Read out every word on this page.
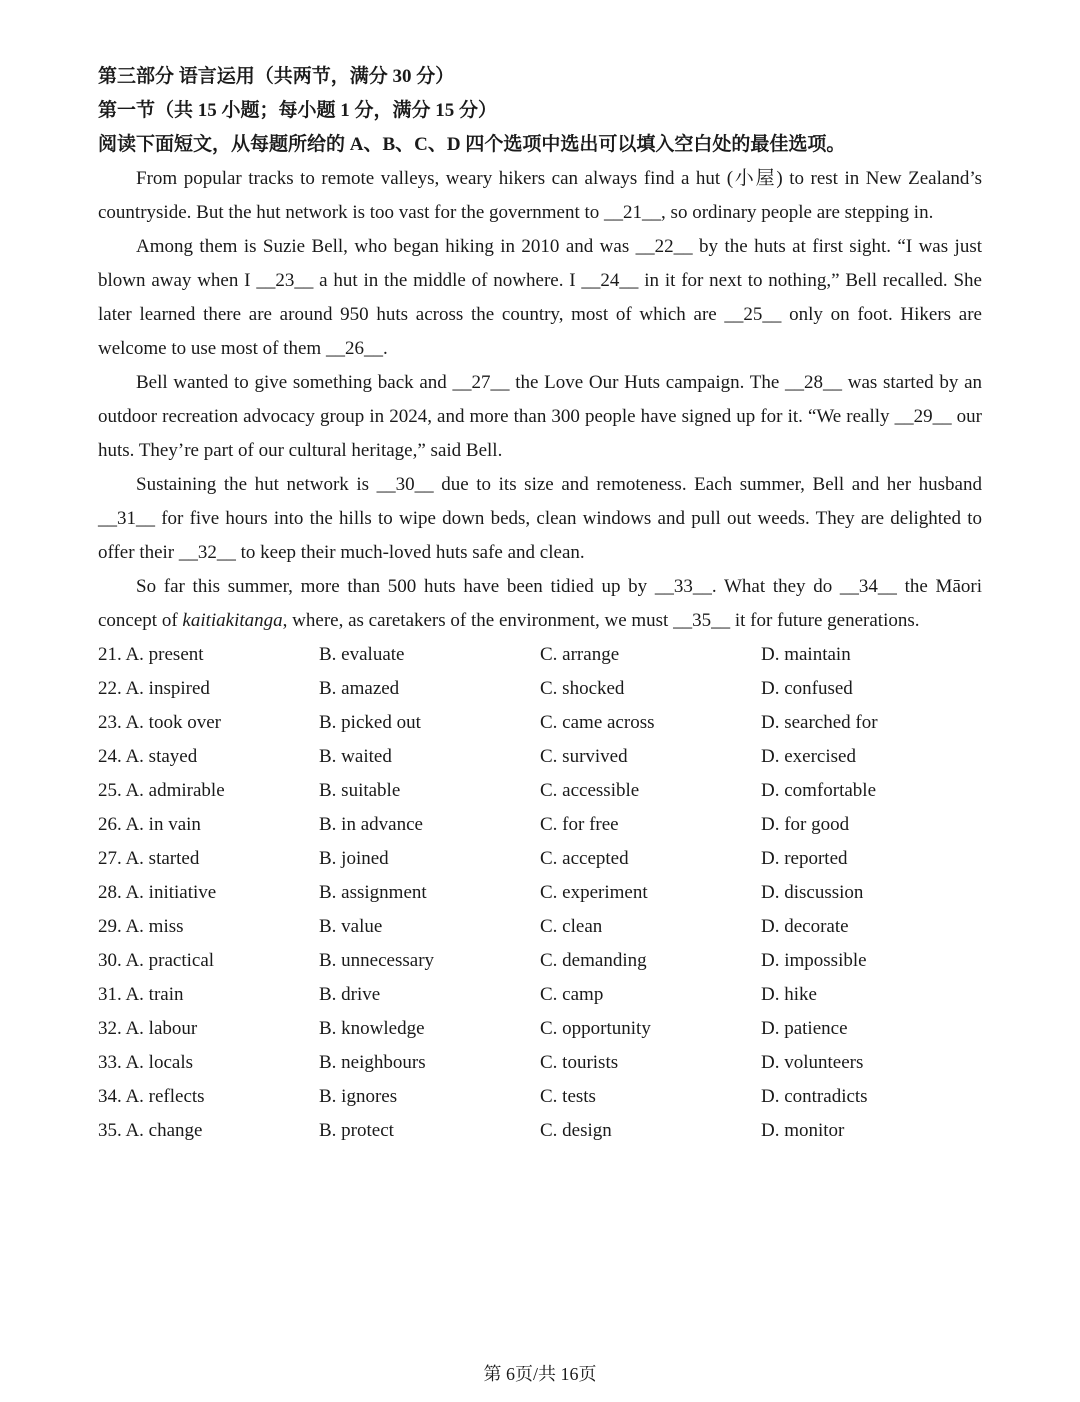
第三部分 语言运用（共两节，满分 30 分）
第一节（共 15 小题；每小题 1 分，满分 15 分）
阅读下面短文，从每题所给的 A、B、C、D 四个选项中选出可以填入空白处的最佳选项。

From popular tracks to remote valleys, weary hikers can always find a hut (小屋) to rest in New Zealand’s countryside. But the hut network is too vast for the government to __21__, so ordinary people are stepping in.

Among them is Suzie Bell, who began hiking in 2010 and was __22__ by the huts at first sight. “I was just blown away when I __23__ a hut in the middle of nowhere. I __24__ in it for next to nothing,” Bell recalled. She later learned there are around 950 huts across the country, most of which are __25__ only on foot. Hikers are welcome to use most of them __26__.

Bell wanted to give something back and __27__ the Love Our Huts campaign. The __28__ was started by an outdoor recreation advocacy group in 2024, and more than 300 people have signed up for it. “We really __29__ our huts. They’re part of our cultural heritage,” said Bell.

Sustaining the hut network is __30__ due to its size and remoteness. Each summer, Bell and her husband __31__ for five hours into the hills to wipe down beds, clean windows and pull out weeds. They are delighted to offer their __32__ to keep their much-loved huts safe and clean.

So far this summer, more than 500 huts have been tidied up by __33__. What they do __34__ the Māori concept of kaitiakitanga, where, as caretakers of the environment, we must __35__ it for future generations.

21. A. present	B. evaluate	C. arrange	D. maintain
22. A. inspired	B. amazed	C. shocked	D. confused
23. A. took over	B. picked out	C. came across	D. searched for
24. A. stayed	B. waited	C. survived	D. exercised
25. A. admirable	B. suitable	C. accessible	D. comfortable
26. A. in vain	B. in advance	C. for free	D. for good
27. A. started	B. joined	C. accepted	D. reported
28. A. initiative	B. assignment	C. experiment	D. discussion
29. A. miss	B. value	C. clean	D. decorate
30. A. practical	B. unnecessary	C. demanding	D. impossible
31. A. train	B. drive	C. camp	D. hike
32. A. labour	B. knowledge	C. opportunity	D. patience
33. A. locals	B. neighbours	C. tourists	D. volunteers
34. A. reflects	B. ignores	C. tests	D. contradicts
35. A. change	B. protect	C. design	D. monitor
第 6页/共 16页
